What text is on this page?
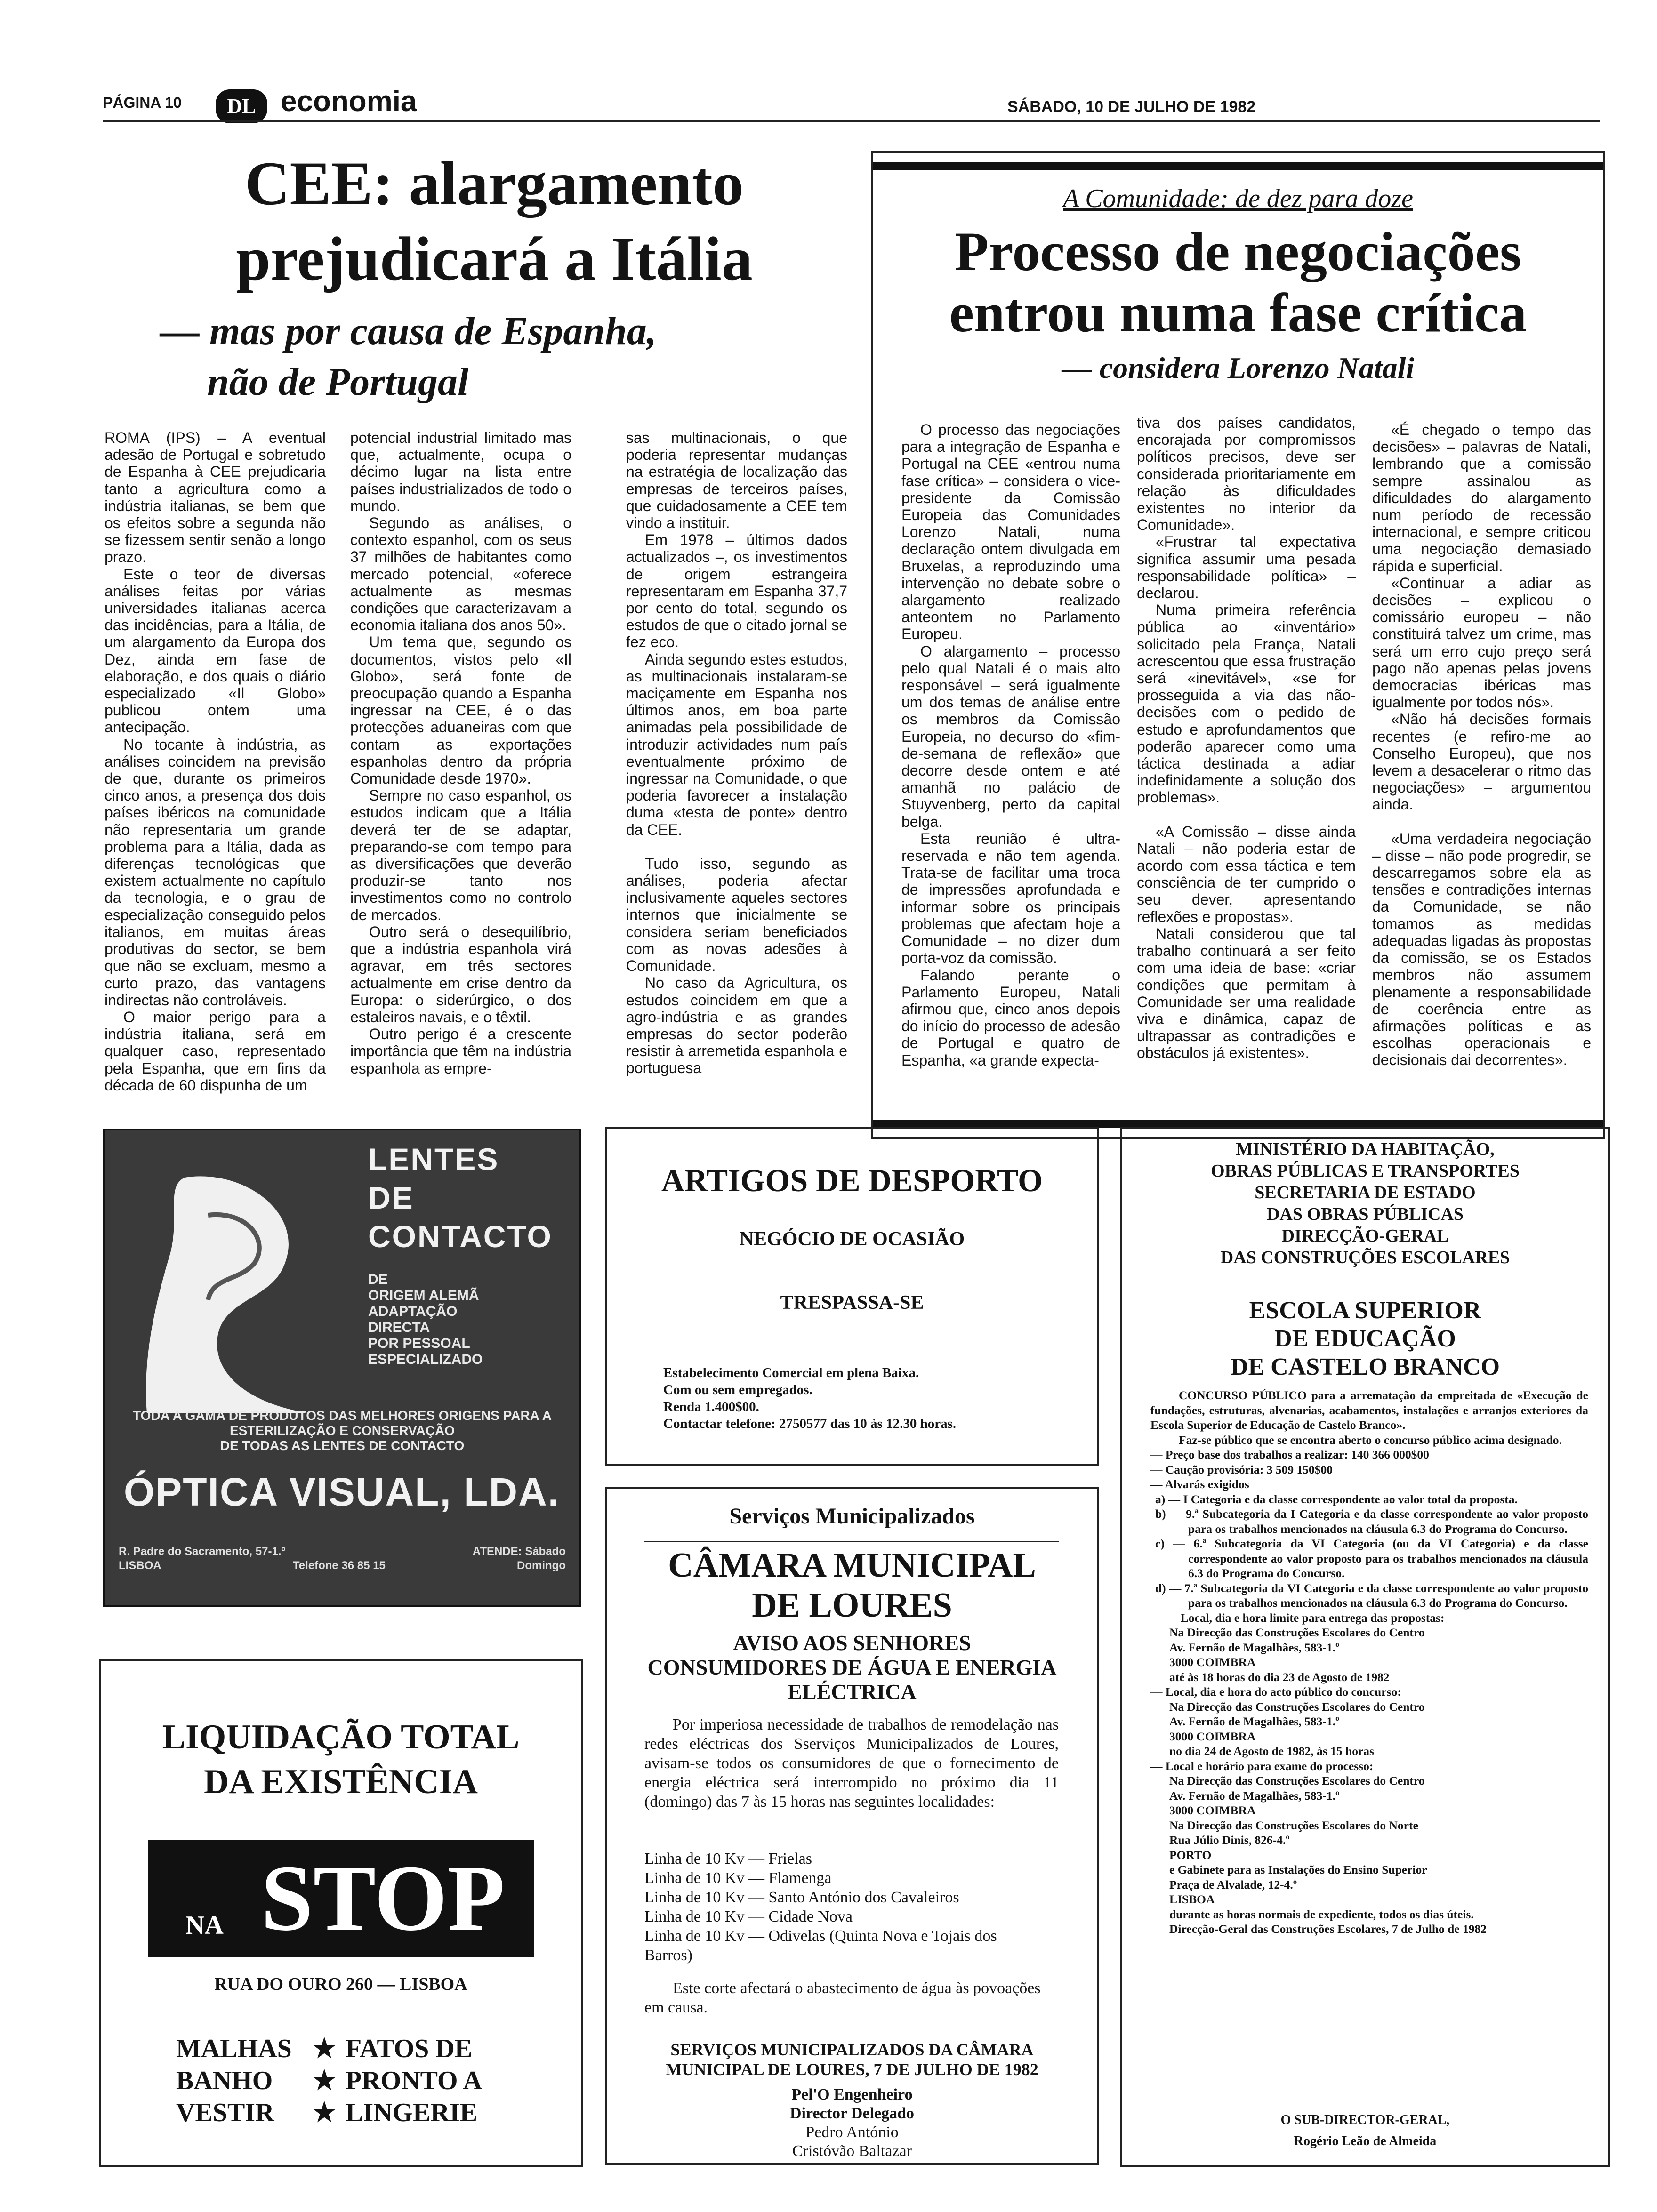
PÁGINA 10	DL economia	SÁBADO, 10 DE JULHO DE 1982
CEE: alargamento
prejudicará a Itália
— mas por causa de Espanha,
não de Portugal

ROMA (IPS) – A eventual adesão de Portugal e sobretudo de Espanha à CEE prejudicaria tanto a agricultura como a indústria italianas, se bem que os efeitos sobre a segunda não se fizessem sentir senão a longo prazo.

Este o teor de diversas análises feitas por várias universidades italianas acerca das incidências, para a Itália, de um alargamento da Europa dos Dez, ainda em fase de elaboração, e dos quais o diário especializado «Il Globo» publicou ontem uma antecipação.

No tocante à indústria, as análises coincidem na previsão de que, durante os primeiros cinco anos, a presença dos dois países ibéricos na comunidade não representaria um grande problema para a Itália, dada as diferenças tecnológicas que existem actualmente no capítulo da tecnologia, e o grau de especialização conseguido pelos italianos, em muitas áreas produtivas do sector, se bem que não se excluam, mesmo a curto prazo, das vantagens indirectas não controláveis.

O maior perigo para a indústria italiana, será em qualquer caso, representado pela Espanha, que em fins da década de 60 dispunha de um

potencial industrial limitado mas que, actualmente, ocupa o décimo lugar na lista entre países industrializados de todo o mundo.

Segundo as análises, o contexto espanhol, com os seus 37 milhões de habitantes como mercado potencial, «oferece actualmente as mesmas condições que caracterizavam a economia italiana dos anos 50».

Um tema que, segundo os documentos, vistos pelo «Il Globo», será fonte de preocupação quando a Espanha ingressar na CEE, é o das protecções aduaneiras com que contam as exportações espanholas dentro da própria Comunidade desde 1970».

Sempre no caso espanhol, os estudos indicam que a Itália deverá ter de se adaptar, preparando-se com tempo para as diversificações que deverão produzir-se tanto nos investimentos como no controlo de mercados.

Outro será o desequilíbrio, que a indústria espanhola virá agravar, em três sectores actualmente em crise dentro da Europa: o siderúrgico, o dos estaleiros navais, e o têxtil.

Outro perigo é a crescente importância que têm na indústria espanhola as empre-

sas multinacionais, o que poderia representar mudanças na estratégia de localização das empresas de terceiros países, que cuidadosamente a CEE tem vindo a instituir.

Em 1978 – últimos dados actualizados –, os investimentos de origem estrangeira representaram em Espanha 37,7 por cento do total, segundo os estudos de que o citado jornal se fez eco.

Ainda segundo estes estudos, as multinacionais instalaram-se maciçamente em Espanha nos últimos anos, em boa parte animadas pela possibilidade de introduzir actividades num país eventualmente próximo de ingressar na Comunidade, o que poderia favorecer a instalação duma «testa de ponte» dentro da CEE.

Tudo isso, segundo as análises, poderia afectar inclusivamente aqueles sectores internos que inicialmente se considera seriam beneficiados com as novas adesões à Comunidade.

No caso da Agricultura, os estudos coincidem em que a agro-indústria e as grandes empresas do sector poderão resistir à arremetida espanhola e portuguesa

A Comunidade: de dez para doze
Processo de negociações
entrou numa fase crítica
— considera Lorenzo Natali

O processo das negociações para a integração de Espanha e Portugal na CEE «entrou numa fase crítica» – considera o vice-presidente da Comissão Europeia das Comunidades Lorenzo Natali, numa declaração ontem divulgada em Bruxelas, a reproduzindo uma intervenção no debate sobre o alargamento realizado anteontem no Parlamento Europeu.

O alargamento – processo pelo qual Natali é o mais alto responsável – será igualmente um dos temas de análise entre os membros da Comissão Europeia, no decurso do «fim-de-semana de reflexão» que decorre desde ontem e até amanhã no palácio de Stuyvenberg, perto da capital belga.

Esta reunião é ultra-reservada e não tem agenda. Trata-se de facilitar uma troca de impressões aprofundada e informar sobre os principais problemas que afectam hoje a Comunidade – no dizer dum porta-voz da comissão.

Falando perante o Parlamento Europeu, Natali afirmou que, cinco anos depois do início do processo de adesão de Portugal e quatro de Espanha, «a grande expecta-

tiva dos países candidatos, encorajada por compromissos políticos precisos, deve ser considerada prioritariamente em relação às dificuldades existentes no interior da Comunidade».

«Frustrar tal expectativa significa assumir uma pesada responsabilidade política» – declarou.

Numa primeira referência pública ao «inventário» solicitado pela França, Natali acrescentou que essa frustração será «inevitável», «se for prosseguida a via das não-decisões com o pedido de estudo e aprofundamentos que poderão aparecer como uma táctica destinada a adiar indefinidamente a solução dos problemas».

«A Comissão – disse ainda Natali – não poderia estar de acordo com essa táctica e tem consciência de ter cumprido o seu dever, apresentando reflexões e propostas».

Natali considerou que tal trabalho continuará a ser feito com uma ideia de base: «criar condições que permitam à Comunidade ser uma realidade viva e dinâmica, capaz de ultrapassar as contradições e obstáculos já existentes».

«É chegado o tempo das decisões» – palavras de Natali, lembrando que a comissão sempre assinalou as dificuldades do alargamento num período de recessão internacional, e sempre criticou uma negociação demasiado rápida e superficial.

«Continuar a adiar as decisões – explicou o comissário europeu – não constituirá talvez um crime, mas será um erro cujo preço será pago não apenas pelas jovens democracias ibéricas mas igualmente por todos nós».

«Não há decisões formais recentes (e refiro-me ao Conselho Europeu), que nos levem a desacelerar o ritmo das negociações» – argumentou ainda.

«Uma verdadeira negociação – disse – não pode progredir, se descarregamos sobre ela as tensões e contradições internas da Comunidade, se não tomamos as medidas adequadas ligadas às propostas da comissão, se os Estados membros não assumem plenamente a responsabilidade de coerência entre as afirmações políticas e as escolhas operacionais e decisionais dai decorrentes».

LENTES
DE
CONTACTO
DE
ORIGEM ALEMÃ
ADAPTAÇÃO
DIRECTA
POR PESSOAL
ESPECIALIZADO
TODA A GAMA DE PRODUTOS DAS MELHORES ORIGENS PARA A ESTERILIZAÇÃO E CONSERVAÇÃO
DE TODAS AS LENTES DE CONTACTO
ÓPTICA VISUAL, LDA.
R. Padre do Sacramento, 57-1.º	ATENDE: Sábado
LISBOA	Telefone 36 85 15	Domingo
ARTIGOS DE DESPORTO
NEGÓCIO DE OCASIÃO
TRESPASSA-SE
Estabelecimento Comercial em plena Baixa.
Com ou sem empregados.
Renda 1.400$00.
Contactar telefone: 2750577 das 10 às 12.30 horas.
MINISTÉRIO DA HABITAÇÃO,
OBRAS PÚBLICAS E TRANSPORTES
SECRETARIA DE ESTADO
DAS OBRAS PÚBLICAS
DIRECÇÃO-GERAL
DAS CONSTRUÇÕES ESCOLARES
ESCOLA SUPERIOR
DE EDUCAÇÃO
DE CASTELO BRANCO
CONCURSO PÚBLICO para a arrematação da empreitada de «Execução de fundações, estruturas, alvenarias, acabamentos, instalações e arranjos exteriores da Escola Superior de Educação de Castelo Branco».
Faz-se público que se encontra aberto o concurso público acima designado.
— Preço base dos trabalhos a realizar: 140 366 000$00
— Caução provisória: 3 509 150$00
— Alvarás exigidos
a) — I Categoria e da classe correspondente ao valor total da proposta.
b) — 9.ª Subcategoria da I Categoria e da classe correspondente ao valor proposto para os trabalhos mencionados na cláusula 6.3 do Programa do Concurso.
c) — 6.ª Subcategoria da VI Categoria (ou da VI Categoria) e da classe correspondente ao valor proposto para os trabalhos mencionados na cláusula 6.3 do Programa do Concurso.
d) — 7.ª Subcategoria da VI Categoria e da classe correspondente ao valor proposto para os trabalhos mencionados na cláusula 6.3 do Programa do Concurso.
— — Local, dia e hora limite para entrega das propostas:
Na Direcção das Construções Escolares do Centro
Av. Fernão de Magalhães, 583-1.º
3000 COIMBRA
até às 18 horas do dia 23 de Agosto de 1982
— Local, dia e hora do acto público do concurso:
Na Direcção das Construções Escolares do Centro
Av. Fernão de Magalhães, 583-1.º
3000 COIMBRA
no dia 24 de Agosto de 1982, às 15 horas
— Local e horário para exame do processo:
Na Direcção das Construções Escolares do Centro
Av. Fernão de Magalhães, 583-1.º
3000 COIMBRA
Na Direcção das Construções Escolares do Norte
Rua Júlio Dinis, 826-4.º
PORTO
e Gabinete para as Instalações do Ensino Superior
Praça de Alvalade, 12-4.º
LISBOA
durante as horas normais de expediente, todos os dias úteis.
Direcção-Geral das Construções Escolares, 7 de Julho de 1982
O SUB-DIRECTOR-GERAL,
Rogério Leão de Almeida
LIQUIDAÇÃO TOTAL
DA EXISTÊNCIA
NA STOP
RUA DO OURO 260 — LISBOA
MALHAS ★ FATOS DE
BANHO	★ PRONTO A
VESTIR	★ LINGERIE
Serviços Municipalizados
CÂMARA MUNICIPAL
DE LOURES
AVISO AOS SENHORES
CONSUMIDORES DE ÁGUA E ENERGIA
ELÉCTRICA
Por imperiosa necessidade de trabalhos de remodelação nas redes eléctricas dos Sserviços Municipalizados de Loures, avisam-se todos os consumidores de que o fornecimento de energia eléctrica será interrompido no próximo dia 11 (domingo) das 7 às 15 horas nas seguintes localidades:
Linha de 10 Kv — Frielas
Linha de 10 Kv — Flamenga
Linha de 10 Kv — Santo António dos Cavaleiros
Linha de 10 Kv — Cidade Nova
Linha de 10 Kv — Odivelas (Quinta Nova e Tojais dos
Barros)
Este corte afectará o abastecimento de água às povoações em causa.
SERVIÇOS MUNICIPALIZADOS DA CÂMARA
MUNICIPAL DE LOURES, 7 DE JULHO DE 1982
Pel'O Engenheiro
Director Delegado
Pedro António
Cristóvão Baltazar
